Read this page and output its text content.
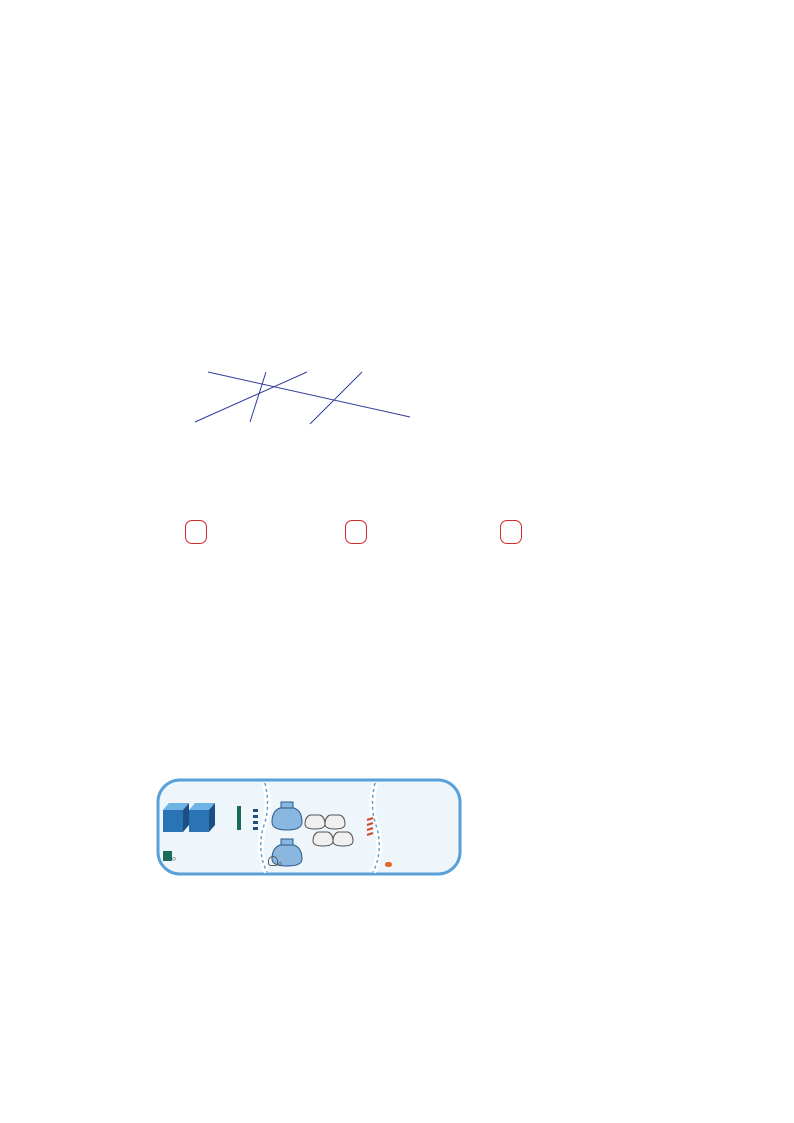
。	。
